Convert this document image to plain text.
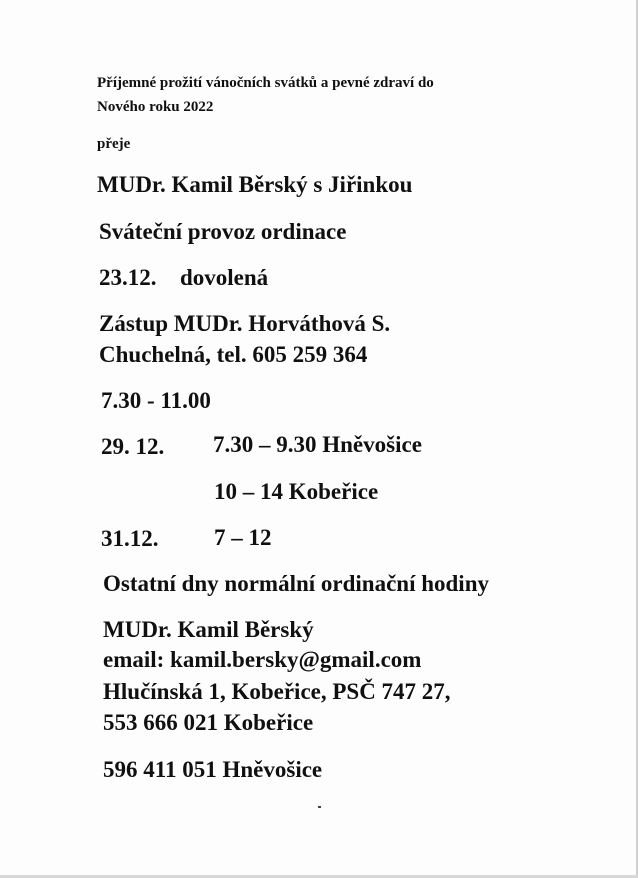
Příjemné prožití vánočních svátků a pevné zdraví do
Nového roku 2022
přeje
MUDr. Kamil Běrský s Jiřinkou
Sváteční provoz ordinace
23.12. dovolená
Zástup MUDr. Horváthová S.
Chuchelná, tel. 605 259 364
7.30 - 11.00
29. 12. 7.30 – 9.30 Hněvošice
10 – 14 Kobeřice
31.12. 7 – 12
Ostatní dny normální ordinační hodiny
MUDr. Kamil Běrský
email: kamil.bersky@gmail.com
Hlučínská 1, Kobeřice, PSČ 747 27,
553 666 021 Kobeřice
596 411 051 Hněvošice
